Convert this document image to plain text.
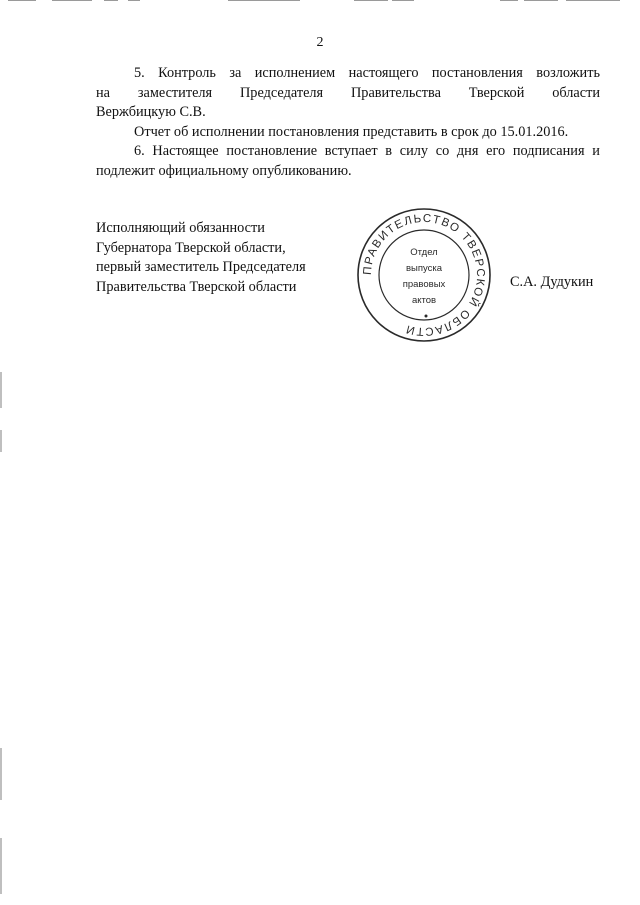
2
5. Контроль за исполнением настоящего постановления возложить
на заместителя Председателя Правительства Тверской области
Вержбицкую С.В.
Отчет об исполнении постановления представить в срок до 15.01.2016.
6. Настоящее постановление вступает в силу со дня его подписания и
подлежит официальному опубликованию.
Исполняющий обязанности
Губернатора Тверской области,
первый заместитель Председателя
Правительства Тверской области
ПРАВИТЕЛЬСТВО ТВЕРСКОЙ ОБЛАСТИ
Отдел
выпуска
правовых
актов
С.А. Дудукин
